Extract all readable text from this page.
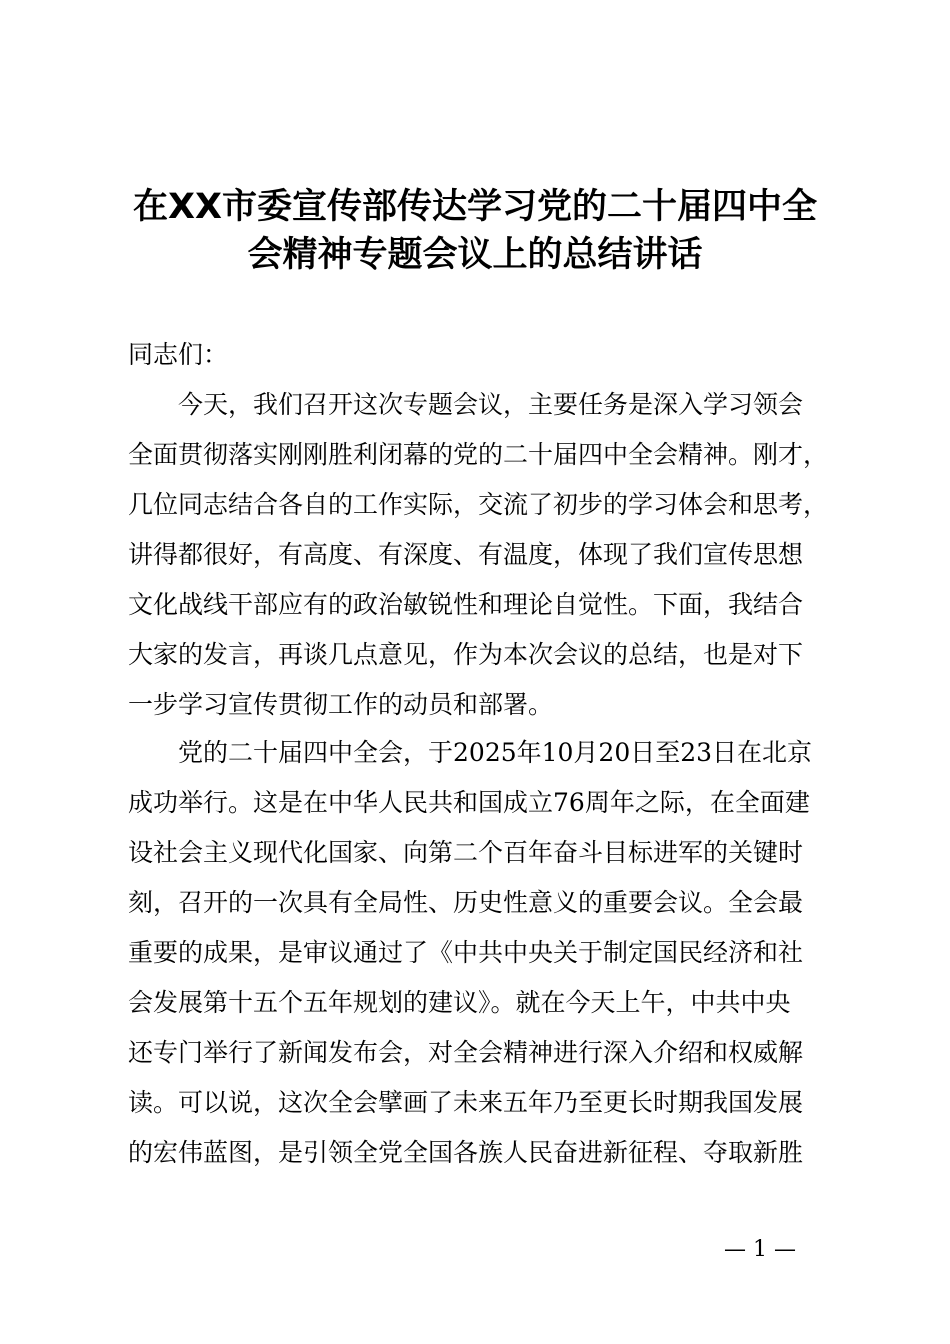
在XX市委宣传部传达学习党的二十届四中全
会精神专题会议上的总结讲话
同志们：
今天，我们召开这次专题会议，主要任务是深入学习领会
全面贯彻落实刚刚胜利闭幕的党的二十届四中全会精神。刚才，
几位同志结合各自的工作实际，交流了初步的学习体会和思考，
讲得都很好，有高度、有深度、有温度，体现了我们宣传思想
文化战线干部应有的政治敏锐性和理论自觉性。下面，我结合
大家的发言，再谈几点意见，作为本次会议的总结，也是对下
一步学习宣传贯彻工作的动员和部署。
党的二十届四中全会，于2025年10月20日至23日在北京
成功举行。这是在中华人民共和国成立76周年之际，在全面建
设社会主义现代化国家、向第二个百年奋斗目标进军的关键时
刻，召开的一次具有全局性、历史性意义的重要会议。全会最
重要的成果，是审议通过了《中共中央关于制定国民经济和社
会发展第十五个五年规划的建议》。就在今天上午，中共中央
还专门举行了新闻发布会，对全会精神进行深入介绍和权威解
读。可以说，这次全会擘画了未来五年乃至更长时期我国发展
的宏伟蓝图，是引领全党全国各族人民奋进新征程、夺取新胜
— 1 —
